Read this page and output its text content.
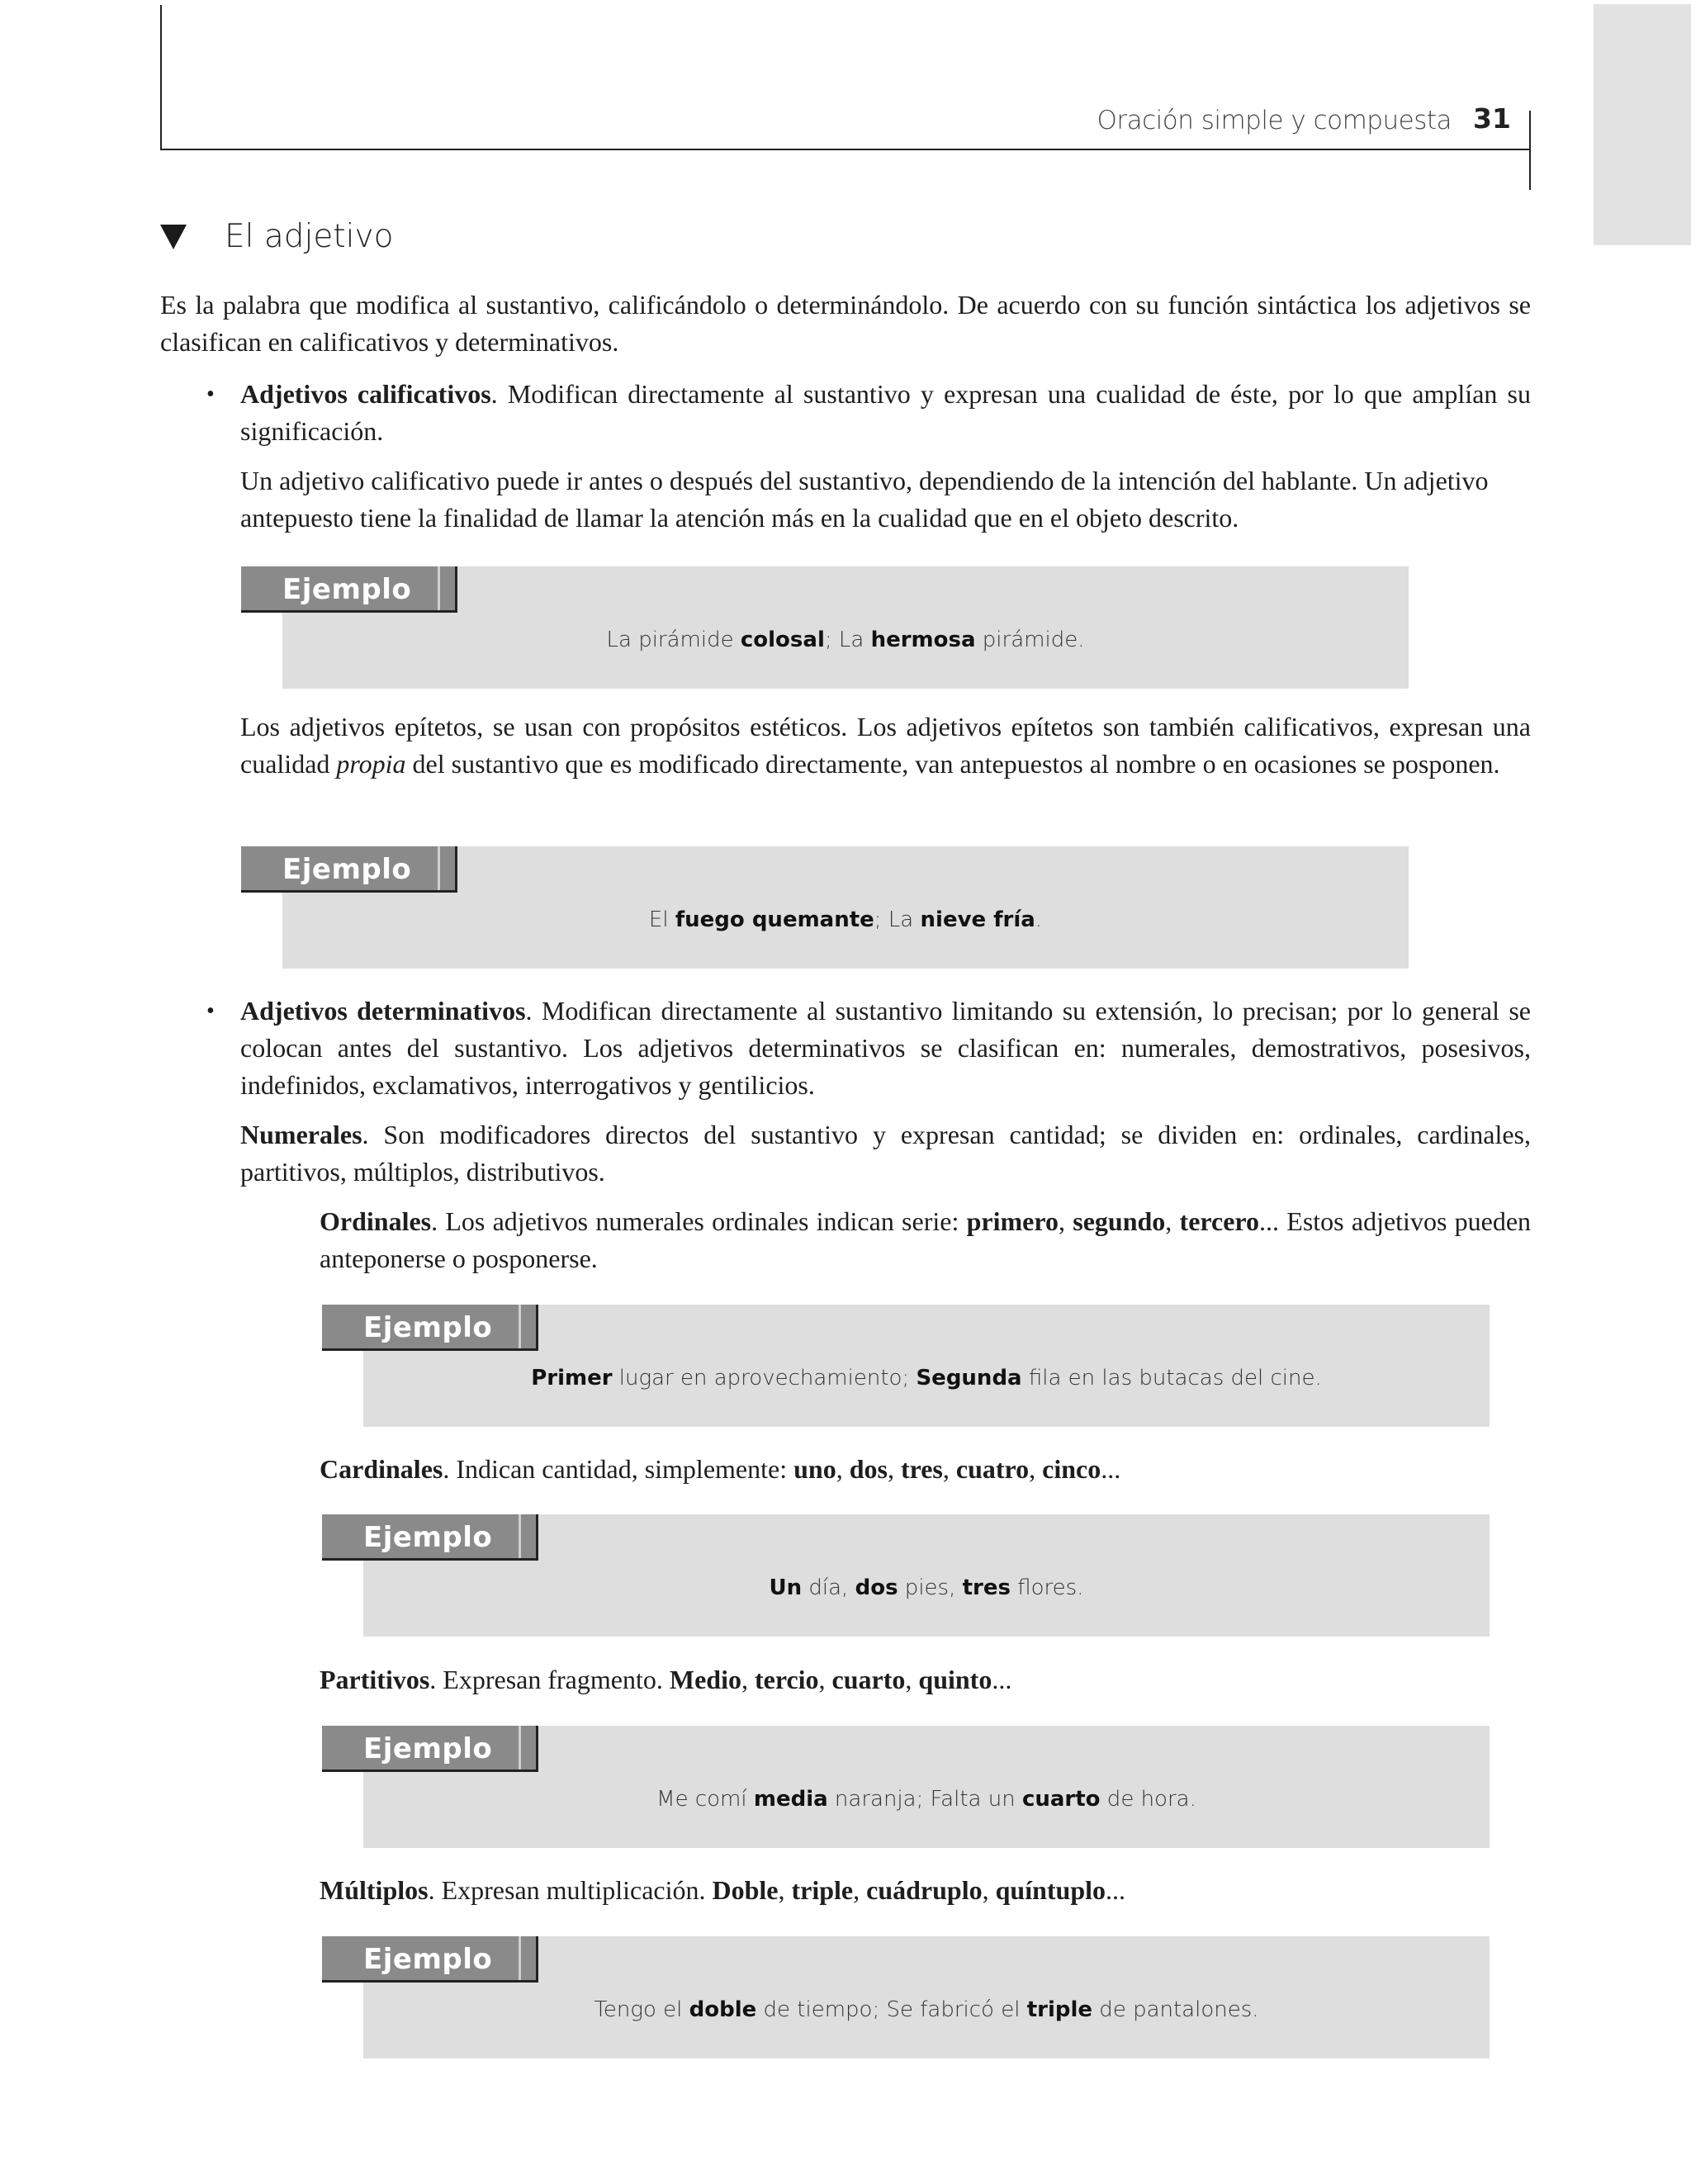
Oración simple y compuesta 31
El adjetivo

Es la palabra que modifica al sustantivo, calificándolo o determinándolo. De acuerdo con su función sintáctica los adjetivos se clasifican en calificativos y determinativos.

• Adjetivos calificativos. Modifican directamente al sustantivo y expresan una cualidad de éste, por lo que amplían su significación.

Un adjetivo calificativo puede ir antes o después del sustantivo, dependiendo de la intención del hablante. Un adjetivo antepuesto tiene la finalidad de llamar la atención más en la cualidad que en el objeto descrito.

Ejemplo
La pirámide colosal; La hermosa pirámide.

Los adjetivos epítetos, se usan con propósitos estéticos. Los adjetivos epítetos son también calificativos, expresan una cualidad propia del sustantivo que es modificado directamente, van antepuestos al nombre o en ocasiones se posponen.

Ejemplo
El fuego quemante; La nieve fría.
• Adjetivos determinativos. Modifican directamente al sustantivo limitando su extensión, lo precisan; por lo general se colocan antes del sustantivo. Los adjetivos determinativos se clasifican en: numerales, demostrativos, posesivos, indefinidos, exclamativos, interrogativos y gentilicios.

Numerales. Son modificadores directos del sustantivo y expresan cantidad; se dividen en: ordinales, cardinales, partitivos, múltiplos, distributivos.

Ordinales. Los adjetivos numerales ordinales indican serie: primero, segundo, tercero... Estos adjetivos pueden anteponerse o posponerse.

Ejemplo
Primer lugar en aprovechamiento; Segunda fila en las butacas del cine.

Cardinales. Indican cantidad, simplemente: uno, dos, tres, cuatro, cinco...

Ejemplo
Un día, dos pies, tres flores.

Partitivos. Expresan fragmento. Medio, tercio, cuarto, quinto...

Ejemplo
Me comí media naranja; Falta un cuarto de hora.

Múltiplos. Expresan multiplicación. Doble, triple, cuádruplo, quíntuplo...

Ejemplo
Tengo el doble de tiempo; Se fabricó el triple de pantalones.
